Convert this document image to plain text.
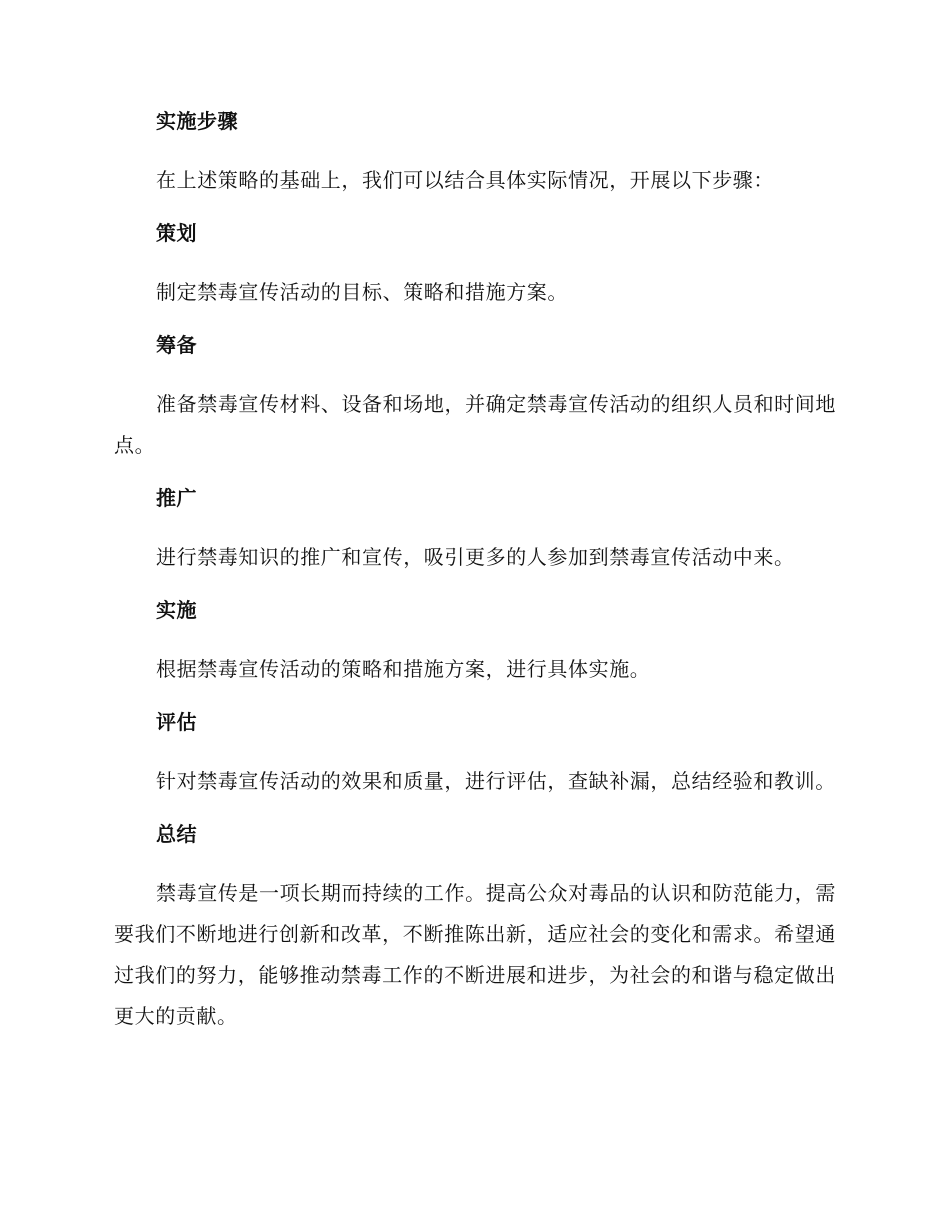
实施步骤
在上述策略的基础上，我们可以结合具体实际情况，开展以下步骤：
策划
制定禁毒宣传活动的目标、策略和措施方案。
筹备
准备禁毒宣传材料、设备和场地，并确定禁毒宣传活动的组织人员和时间地点。
推广
进行禁毒知识的推广和宣传，吸引更多的人参加到禁毒宣传活动中来。
实施
根据禁毒宣传活动的策略和措施方案，进行具体实施。
评估
针对禁毒宣传活动的效果和质量，进行评估，查缺补漏，总结经验和教训。
总结
禁毒宣传是一项长期而持续的工作。提高公众对毒品的认识和防范能力，需要我们不断地进行创新和改革，不断推陈出新，适应社会的变化和需求。希望通过我们的努力，能够推动禁毒工作的不断进展和进步，为社会的和谐与稳定做出更大的贡献。
